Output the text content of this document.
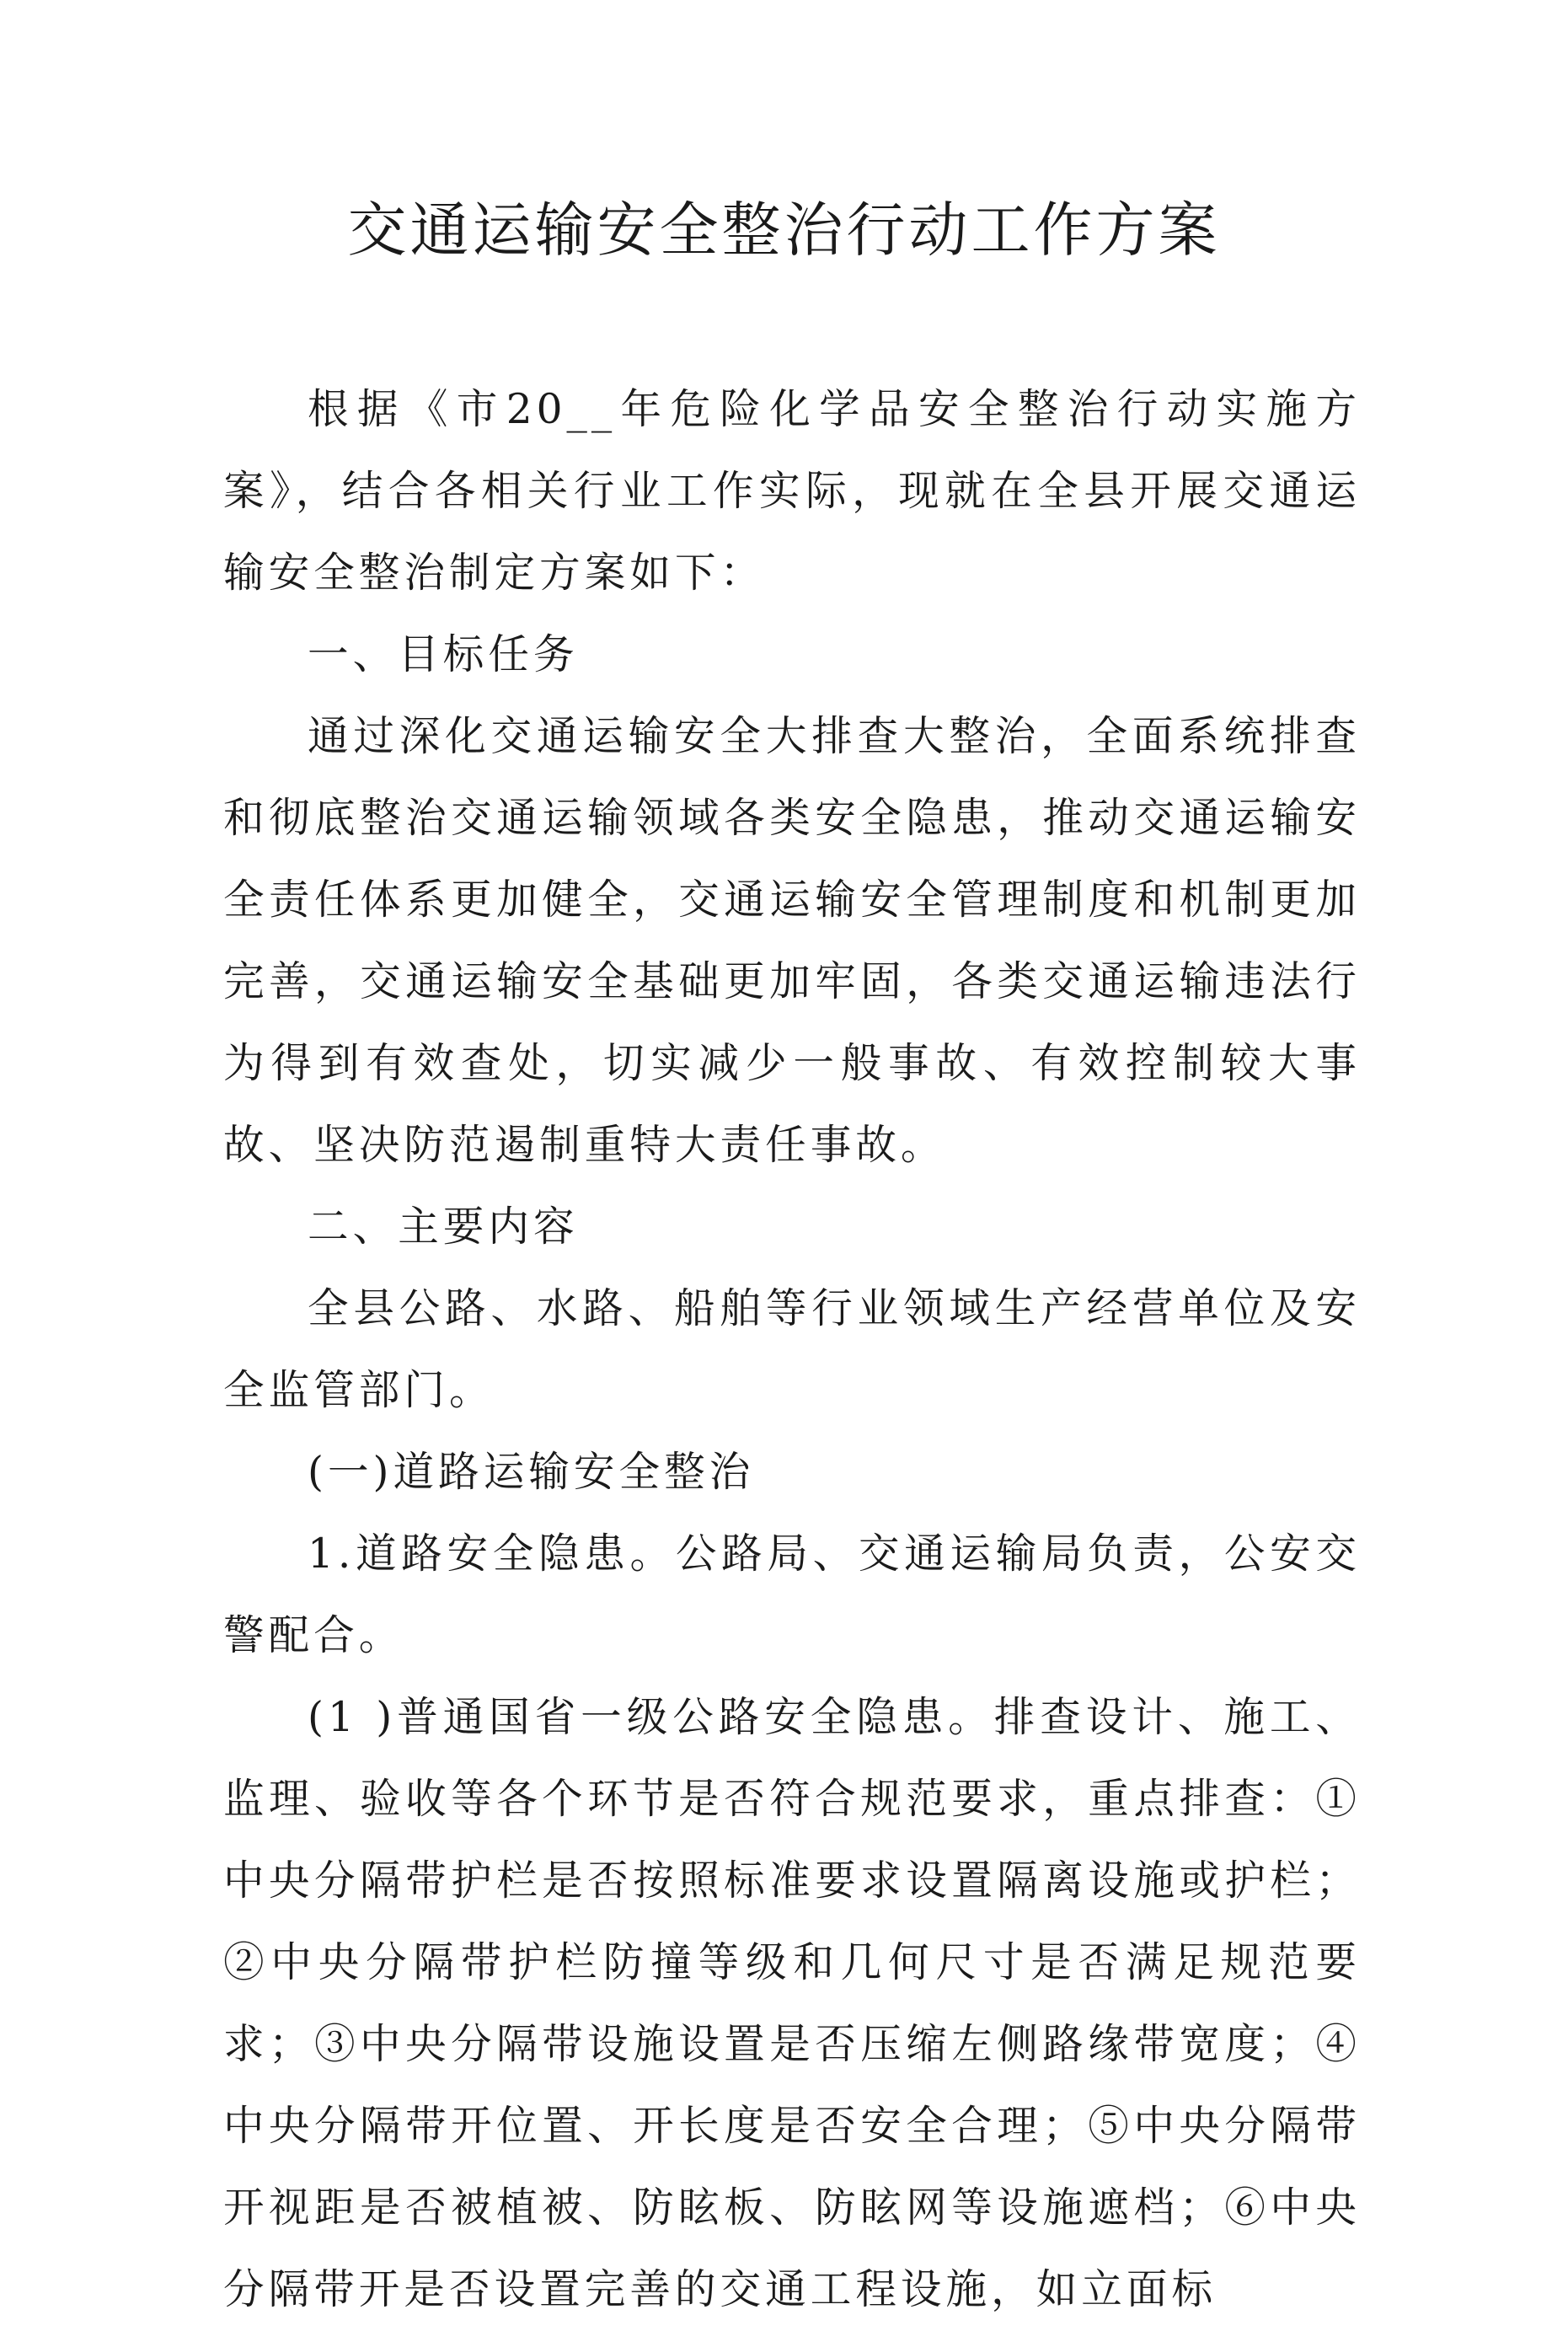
交通运输安全整治行动工作方案

根据《市20__年危险化学品安全整治行动实施方案》，结合各相关行业工作实际，现就在全县开展交通运输安全整治制定方案如下：

一、目标任务

通过深化交通运输安全大排查大整治，全面系统排查和彻底整治交通运输领域各类安全隐患，推动交通运输安全责任体系更加健全，交通运输安全管理制度和机制更加完善，交通运输安全基础更加牢固，各类交通运输违法行为得到有效查处，切实减少一般事故、有效控制较大事故、坚决防范遏制重特大责任事故。

二、主要内容

全县公路、水路、船舶等行业领域生产经营单位及安全监管部门。

(一)道路运输安全整治

1.道路安全隐患。公路局、交通运输局负责，公安交警配合。

(1 )普通国省一级公路安全隐患。排查设计、施工、监理、验收等各个环节是否符合规范要求，重点排查：①中央分隔带护栏是否按照标准要求设置隔离设施或护栏；②中央分隔带护栏防撞等级和几何尺寸是否满足规范要求；③中央分隔带设施设置是否压缩左侧路缘带宽度；④中央分隔带开位置、开长度是否安全合理；⑤中央分隔带开视距是否被植被、防眩板、防眩网等设施遮档；⑥中央分隔带开是否设置完善的交通工程设施，如立面标
